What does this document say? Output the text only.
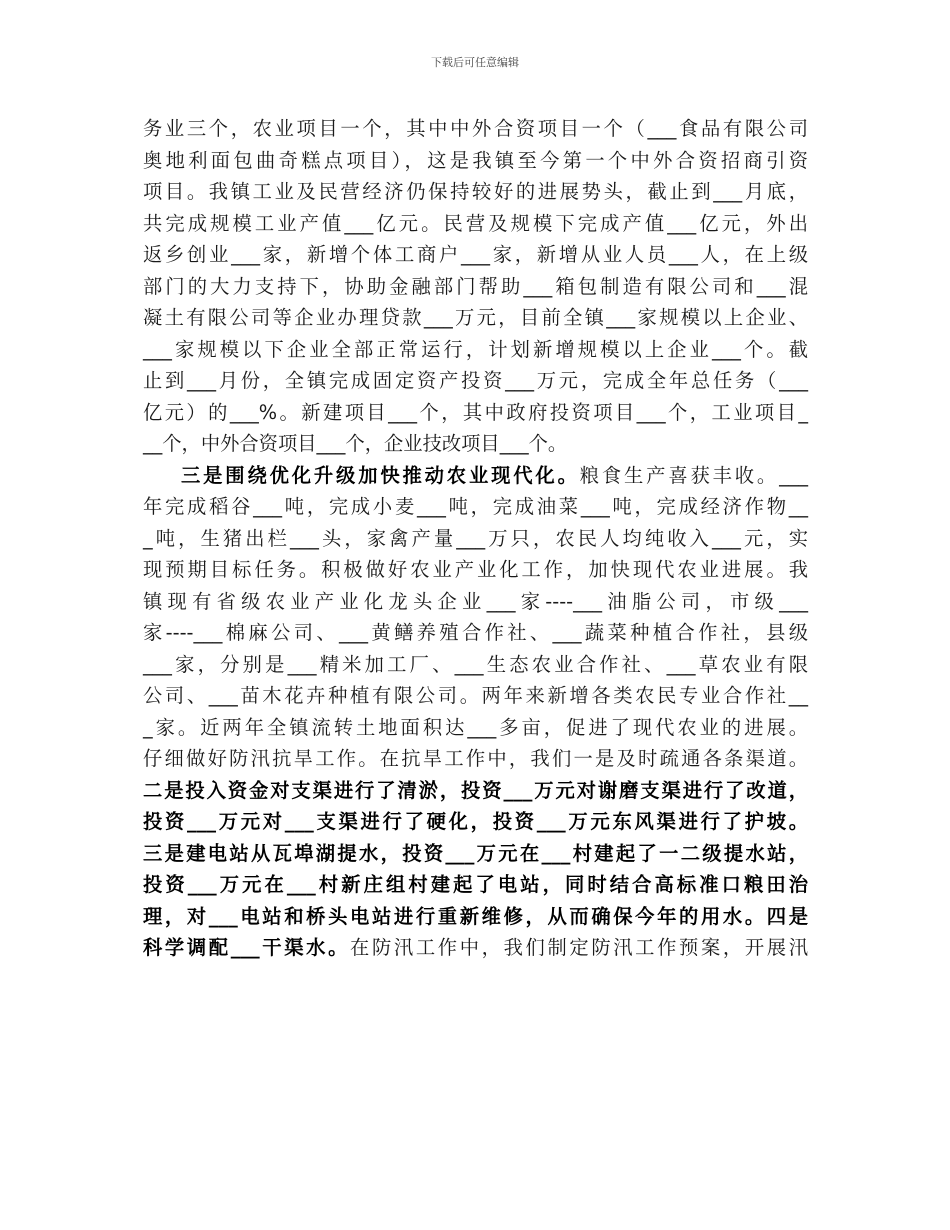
下载后可任意编辑
务业三个，农业项目一个，其中中外合资项目一个（___食品有限公司
奥地利面包曲奇糕点项目），这是我镇至今第一个中外合资招商引资
项目。我镇工业及民营经济仍保持较好的进展势头，截止到___月底，
共完成规模工业产值___亿元。民营及规模下完成产值___亿元，外出
返乡创业___家，新增个体工商户___家，新增从业人员___人，在上级
部门的大力支持下，协助金融部门帮助___箱包制造有限公司和___混
凝土有限公司等企业办理贷款___万元，目前全镇___家规模以上企业、
___家规模以下企业全部正常运行，计划新增规模以上企业___个。截
止到___月份，全镇完成固定资产投资___万元，完成全年总任务（___
亿元）的___%。新建项目___个，其中政府投资项目___个，工业项目_
__个，中外合资项目___个，企业技改项目___个。
三是围绕优化升级加快推动农业现代化。粮食生产喜获丰收。___
年完成稻谷___吨，完成小麦___吨，完成油菜___吨，完成经济作物__
_吨，生猪出栏___头，家禽产量___万只，农民人均纯收入___元，实
现预期目标任务。积极做好农业产业化工作，加快现代农业进展。我
镇现有省级农业产业化龙头企业___家----___油脂公司，市级___
家----___棉麻公司、___黄鳝养殖合作社、___蔬菜种植合作社，县级
___家，分别是___精米加工厂、___生态农业合作社、___草农业有限
公司、___苗木花卉种植有限公司。两年来新增各类农民专业合作社__
_家。近两年全镇流转土地面积达___多亩，促进了现代农业的进展。
仔细做好防汛抗旱工作。在抗旱工作中，我们一是及时疏通各条渠道。
二是投入资金对支渠进行了清淤，投资___万元对谢磨支渠进行了改道，
投资___万元对___支渠进行了硬化，投资___万元东风渠进行了护坡。
三是建电站从瓦埠湖提水，投资___万元在___村建起了一二级提水站，
投资___万元在___村新庄组村建起了电站，同时结合高标准口粮田治
理，对___电站和桥头电站进行重新维修，从而确保今年的用水。四是
科学调配___干渠水。在防汛工作中，我们制定防汛工作预案，开展汛
